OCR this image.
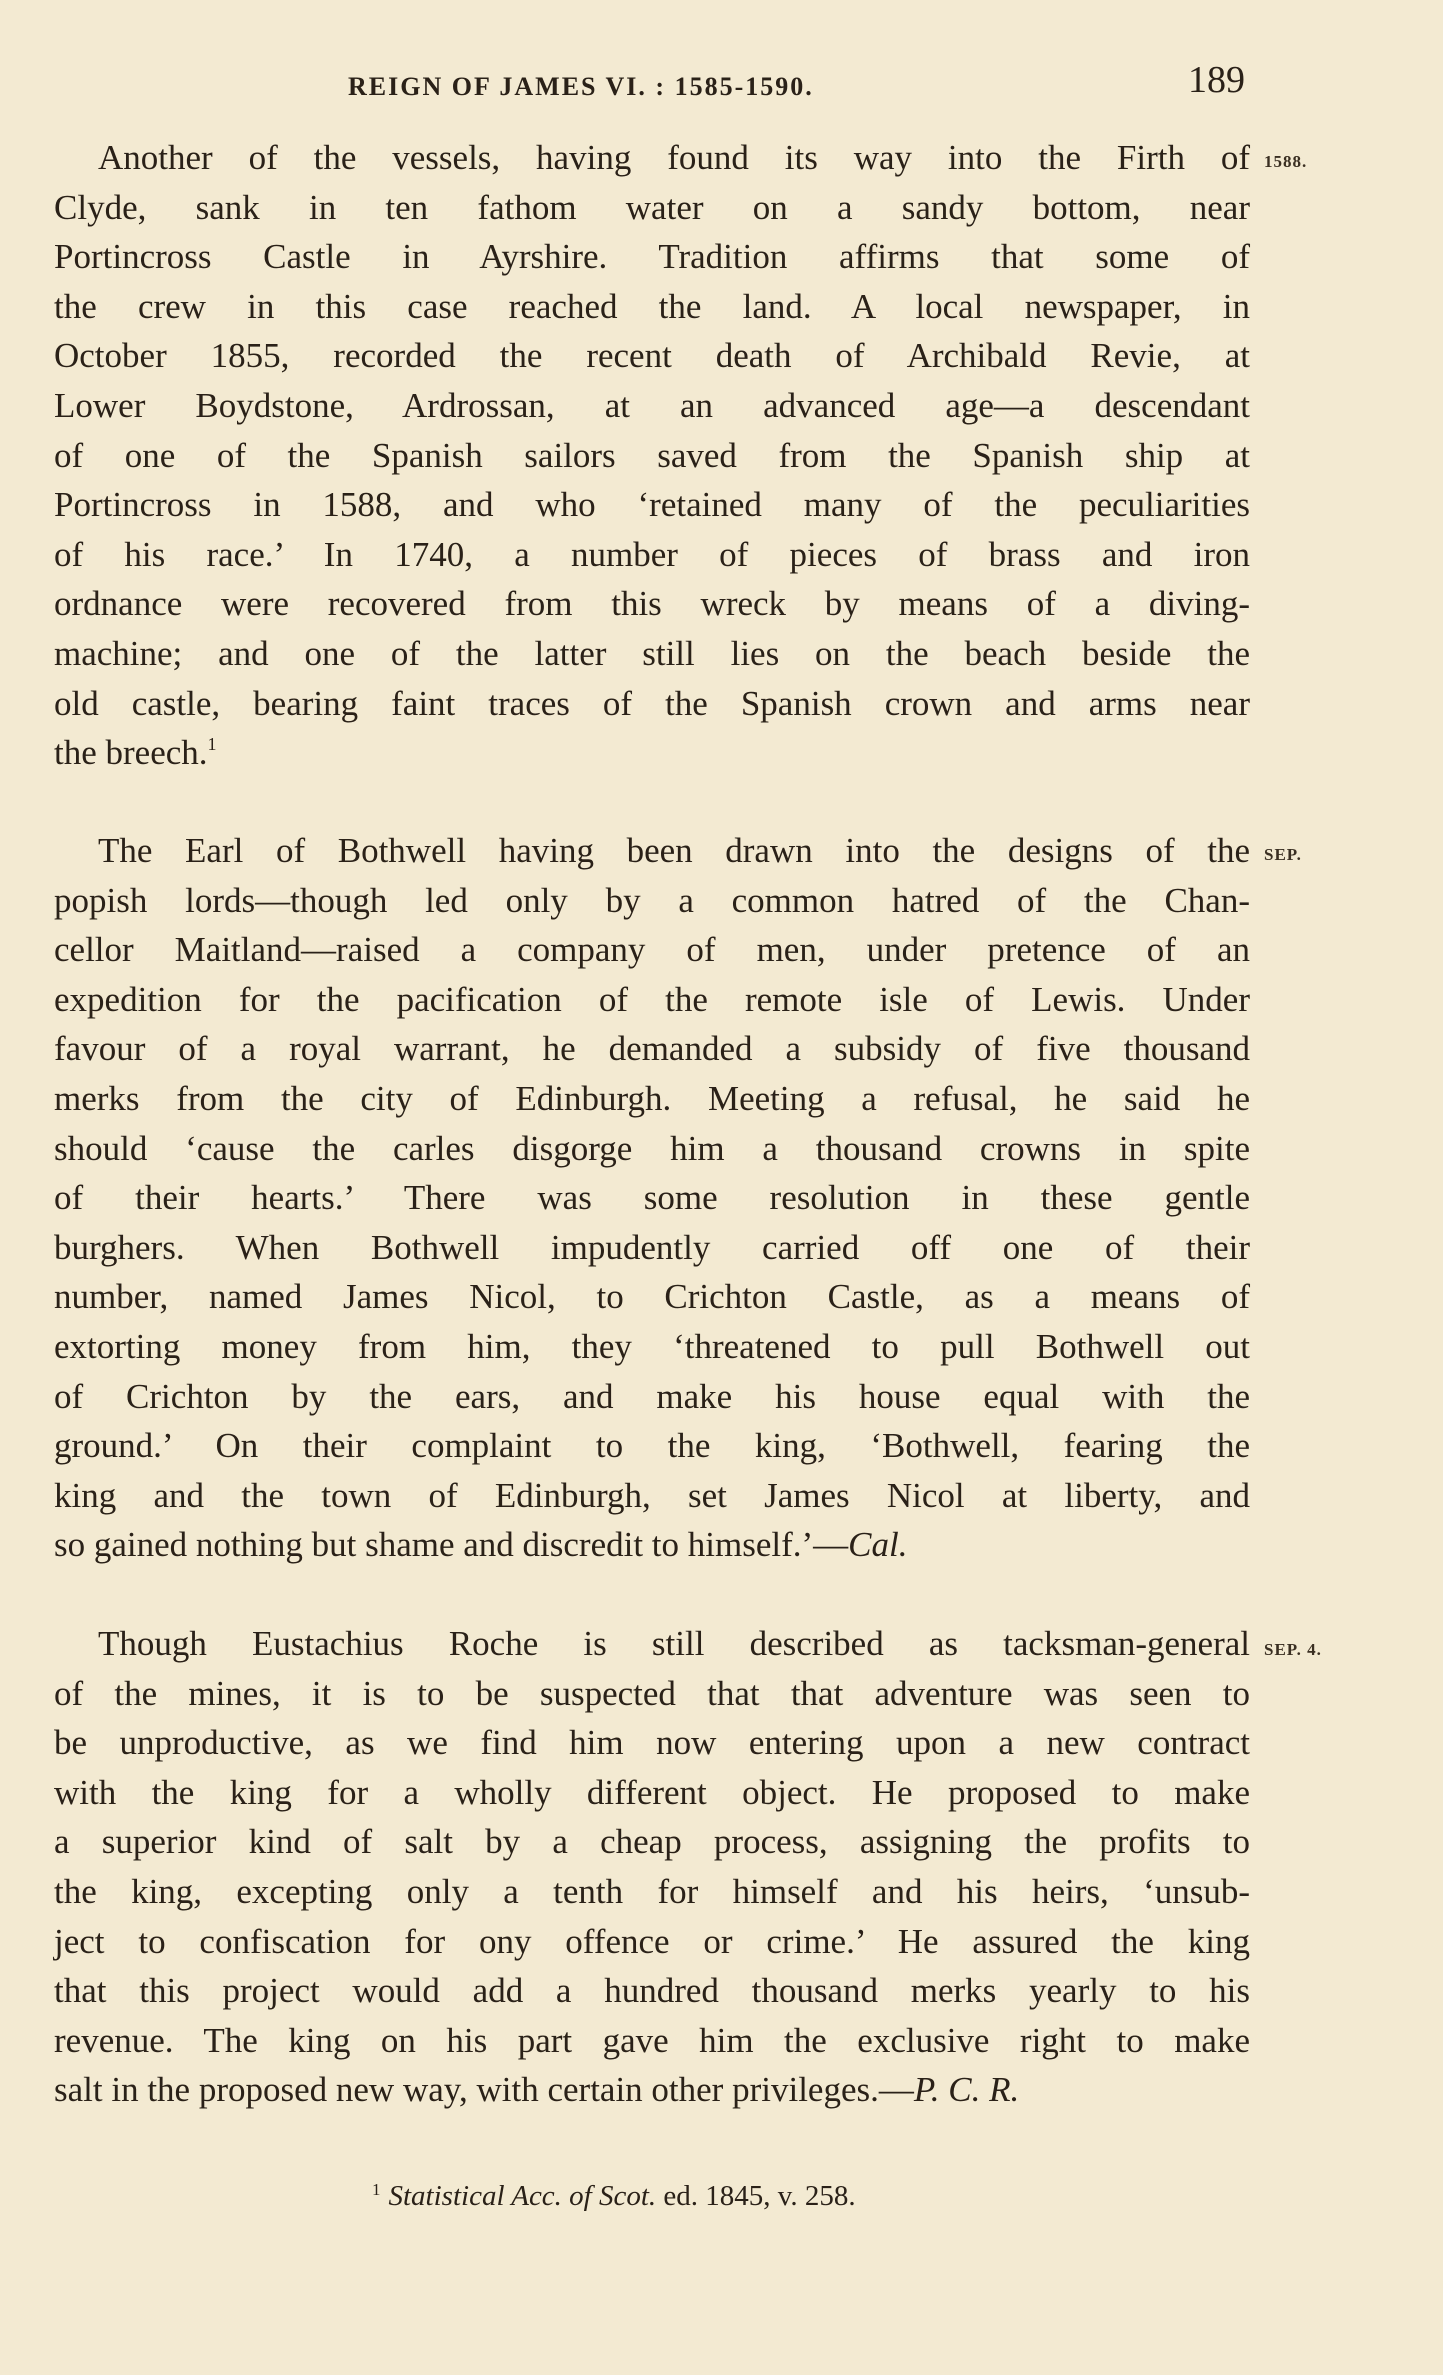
REIGN OF JAMES VI. : 1585-1590.	189
1588.
SEP.
SEP. 4.
Another of the vessels, having found its way into the Firth of
Clyde, sank in ten fathom water on a sandy bottom, near
Portincross Castle in Ayrshire. Tradition affirms that some of
the crew in this case reached the land. A local newspaper, in
October 1855, recorded the recent death of Archibald Revie, at
Lower Boydstone, Ardrossan, at an advanced age—a descendant
of one of the Spanish sailors saved from the Spanish ship at
Portincross in 1588, and who ‘retained many of the peculiarities
of his race.’ In 1740, a number of pieces of brass and iron
ordnance were recovered from this wreck by means of a diving-
machine; and one of the latter still lies on the beach beside the
old castle, bearing faint traces of the Spanish crown and arms near
the breech.$^1$
The Earl of Bothwell having been drawn into the designs of the
popish lords—though led only by a common hatred of the Chan-
cellor Maitland—raised a company of men, under pretence of an
expedition for the pacification of the remote isle of Lewis. Under
favour of a royal warrant, he demanded a subsidy of five thousand
merks from the city of Edinburgh. Meeting a refusal, he said he
should ‘cause the carles disgorge him a thousand crowns in spite
of their hearts.’ There was some resolution in these gentle
burghers. When Bothwell impudently carried off one of their
number, named James Nicol, to Crichton Castle, as a means of
extorting money from him, they ‘threatened to pull Bothwell out
of Crichton by the ears, and make his house equal with the
ground.’ On their complaint to the king, ‘Bothwell, fearing the
king and the town of Edinburgh, set James Nicol at liberty, and
so gained nothing but shame and discredit to himself.’—Cal.
Though Eustachius Roche is still described as tacksman-general
of the mines, it is to be suspected that that adventure was seen to
be unproductive, as we find him now entering upon a new contract
with the king for a wholly different object. He proposed to make
a superior kind of salt by a cheap process, assigning the profits to
the king, excepting only a tenth for himself and his heirs, ‘unsub-
ject to confiscation for ony offence or crime.’ He assured the king
that this project would add a hundred thousand merks yearly to his
revenue. The king on his part gave him the exclusive right to make
salt in the proposed new way, with certain other privileges.—P. C. R.
$^1$ Statistical Acc. of Scot. ed. 1845, v. 258.
